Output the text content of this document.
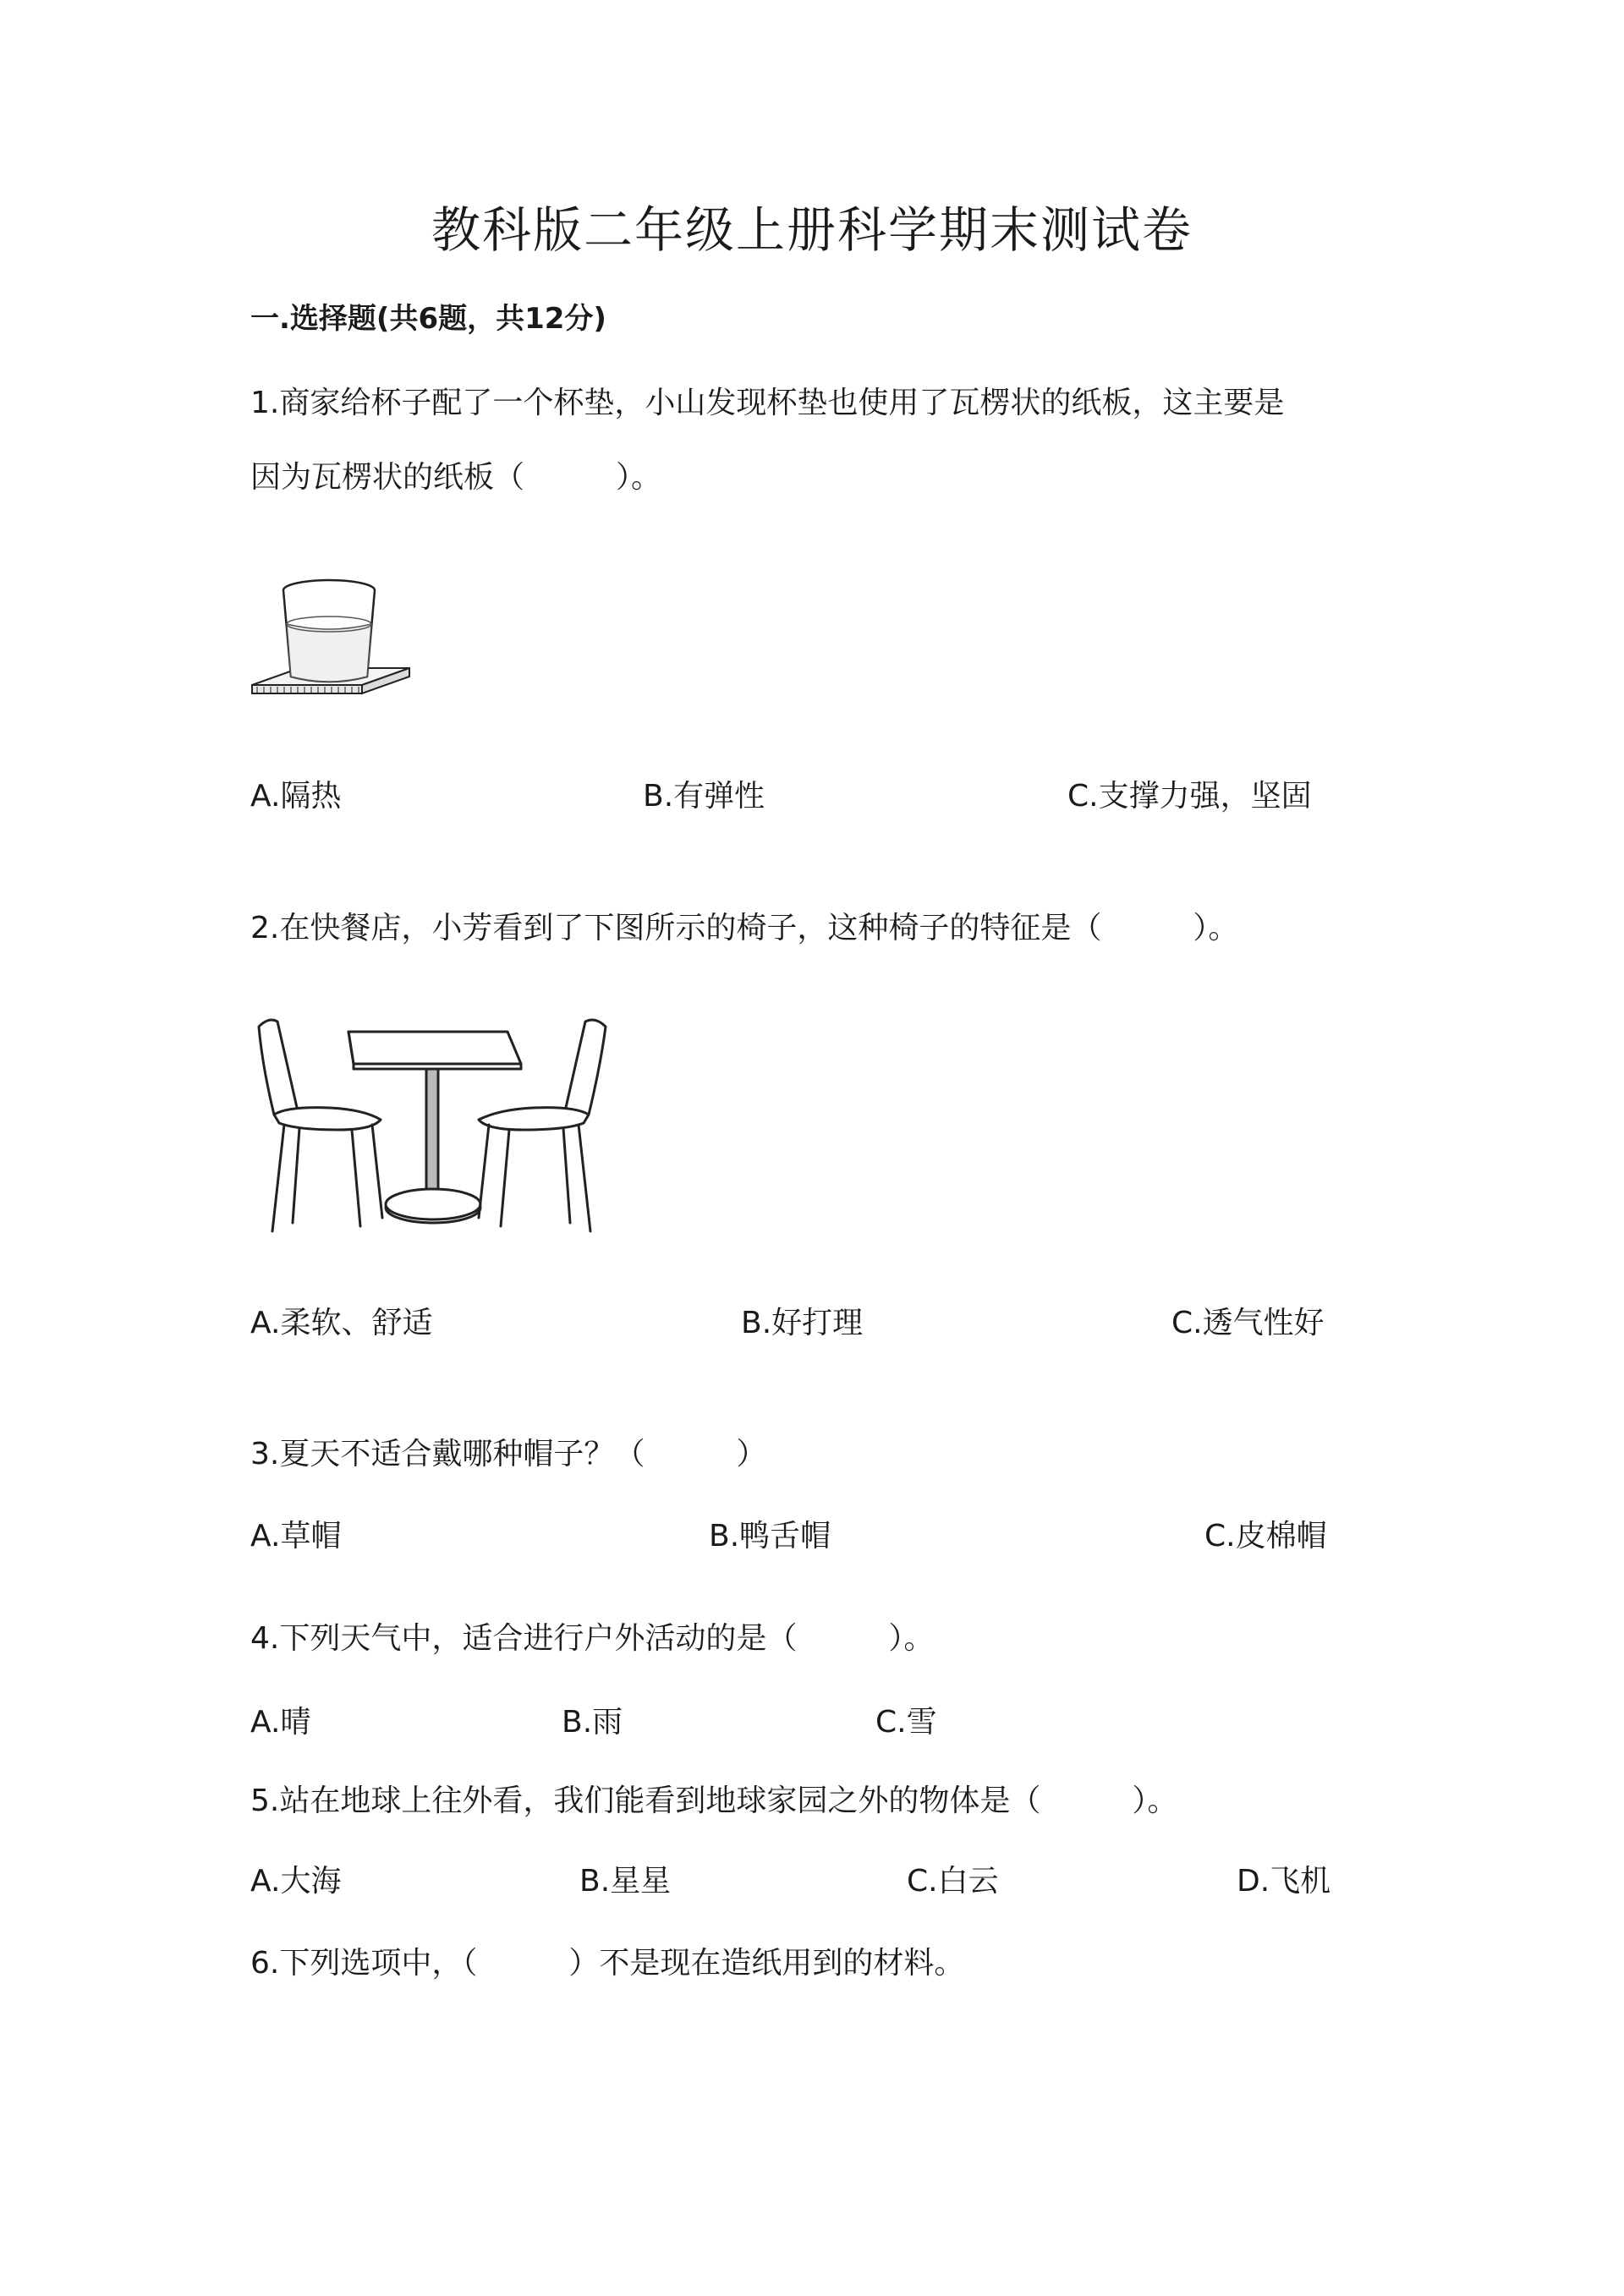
教科版二年级上册科学期末测试卷
一.选择题(共6题，共12分)
1.商家给杯子配了一个杯垫，小山发现杯垫也使用了瓦楞状的纸板，这主要是
因为瓦楞状的纸板（　　　）。
A.隔热	B.有弹性	C.支撑力强，坚固
2.在快餐店，小芳看到了下图所示的椅子，这种椅子的特征是（　　　）。
A.柔软、舒适	B.好打理	C.透气性好
3.夏天不适合戴哪种帽子？（　　　）
A.草帽	B.鸭舌帽	C.皮棉帽
4.下列天气中，适合进行户外活动的是（　　　）。
A.晴	B.雨	C.雪
5.站在地球上往外看，我们能看到地球家园之外的物体是（　　　）。
A.大海	B.星星	C.白云	D.飞机
6.下列选项中，（　　　）不是现在造纸用到的材料。
